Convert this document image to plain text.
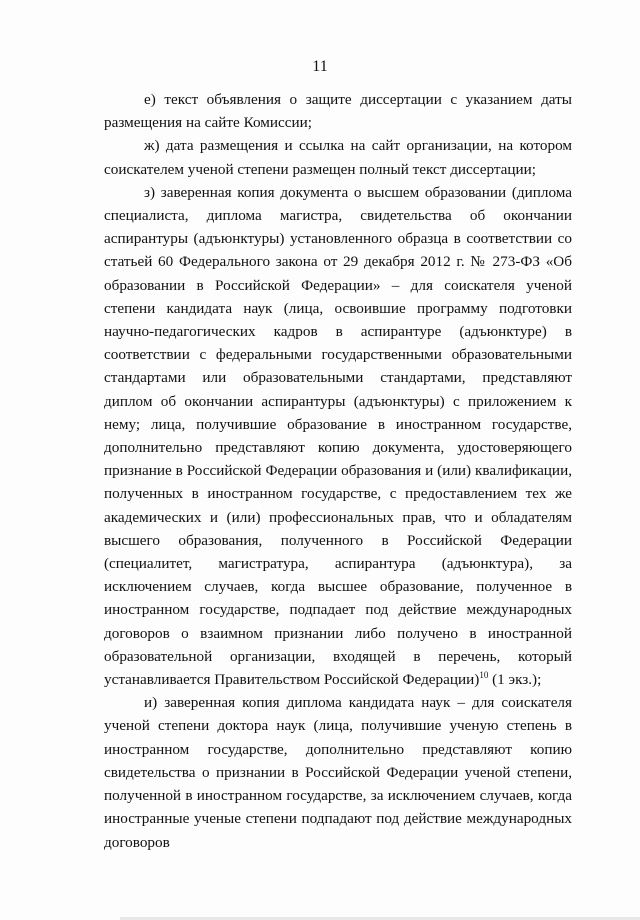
11

е) текст объявления о защите диссертации с указанием даты размещения на сайте Комиссии;

ж) дата размещения и ссылка на сайт организации, на котором соискателем ученой степени размещен полный текст диссертации;

з) заверенная копия документа о высшем образовании (диплома специалиста, диплома магистра, свидетельства об окончании аспирантуры (адъюнктуры) установленного образца в соответствии со статьей 60 Федерального закона от 29 декабря 2012 г. № 273-ФЗ «Об образовании в Российской Федерации» – для соискателя ученой степени кандидата наук (лица, освоившие программу подготовки научно-педагогических кадров в аспирантуре (адъюнктуре) в соответствии с федеральными государственными образовательными стандартами или образовательными стандартами, представляют диплом об окончании аспирантуры (адъюнктуры) с приложением к нему; лица, получившие образование в иностранном государстве, дополнительно представляют копию документа, удостоверяющего признание в Российской Федерации образования и (или) квалификации, полученных в иностранном государстве, с предоставлением тех же академических и (или) профессиональных прав, что и обладателям высшего образования, полученного в Российской Федерации (специалитет, магистратура, аспирантура (адъюнктура), за исключением случаев, когда высшее образование, полученное в иностранном государстве, подпадает под действие международных договоров о взаимном признании либо получено в иностранной образовательной организации, входящей в перечень, который устанавливается Правительством Российской Федерации)$^{10}$ (1 экз.);

и) заверенная копия диплома кандидата наук – для соискателя ученой степени доктора наук (лица, получившие ученую степень в иностранном государстве, дополнительно представляют копию свидетельства о признании в Российской Федерации ученой степени, полученной в иностранном государстве, за исключением случаев, когда иностранные ученые степени подпадают под действие международных договоров
